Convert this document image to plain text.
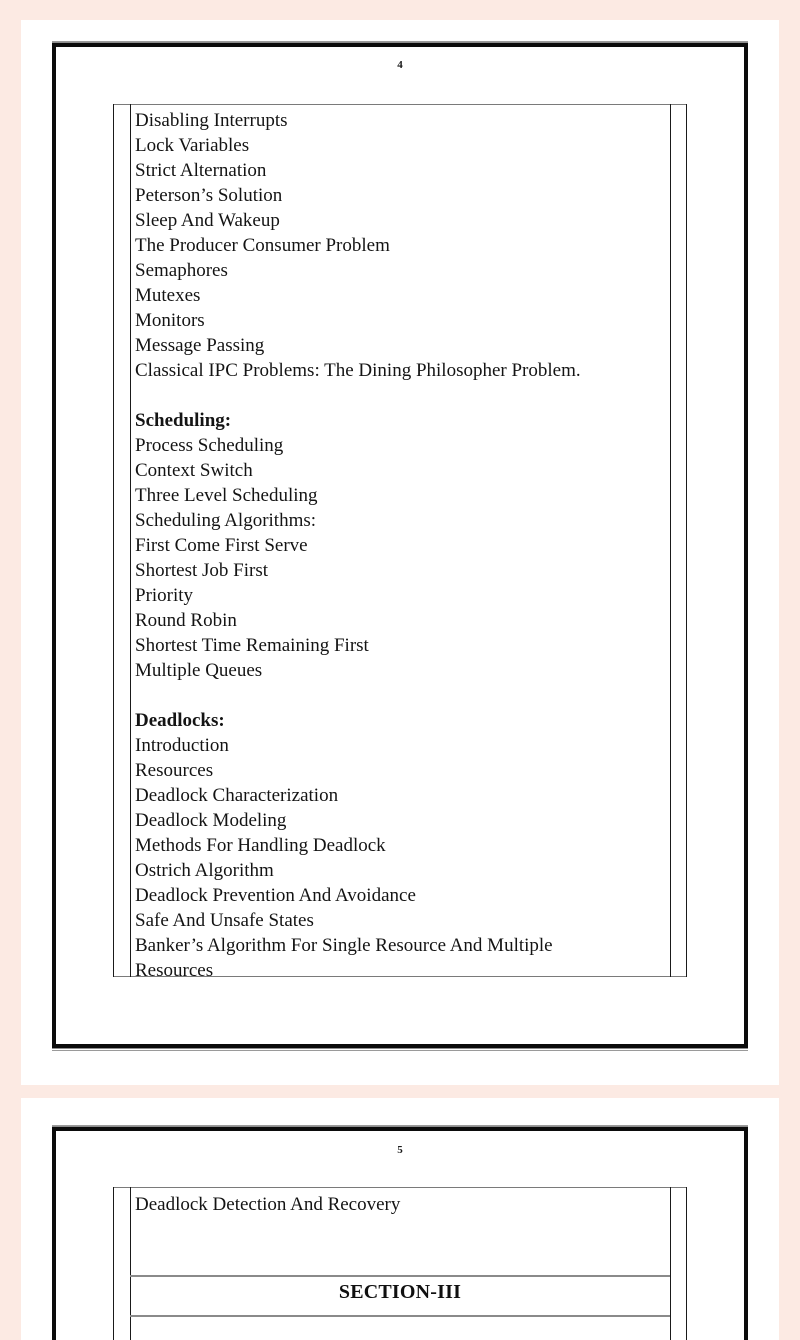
4
Disabling Interrupts
Lock Variables
Strict Alternation
Peterson’s Solution
Sleep And Wakeup
The Producer Consumer Problem
Semaphores
Mutexes
Monitors
Message Passing
Classical IPC Problems: The Dining Philosopher Problem.
Scheduling:
Process Scheduling
Context Switch
Three Level Scheduling
Scheduling Algorithms:
First Come First Serve
Shortest Job First
Priority
Round Robin
Shortest Time Remaining First
Multiple Queues
Deadlocks:
Introduction
Resources
Deadlock Characterization
Deadlock Modeling
Methods For Handling Deadlock
Ostrich Algorithm
Deadlock Prevention And Avoidance
Safe And Unsafe States
Banker’s Algorithm For Single Resource And Multiple
Resources
5
Deadlock Detection And Recovery
SECTION-III
